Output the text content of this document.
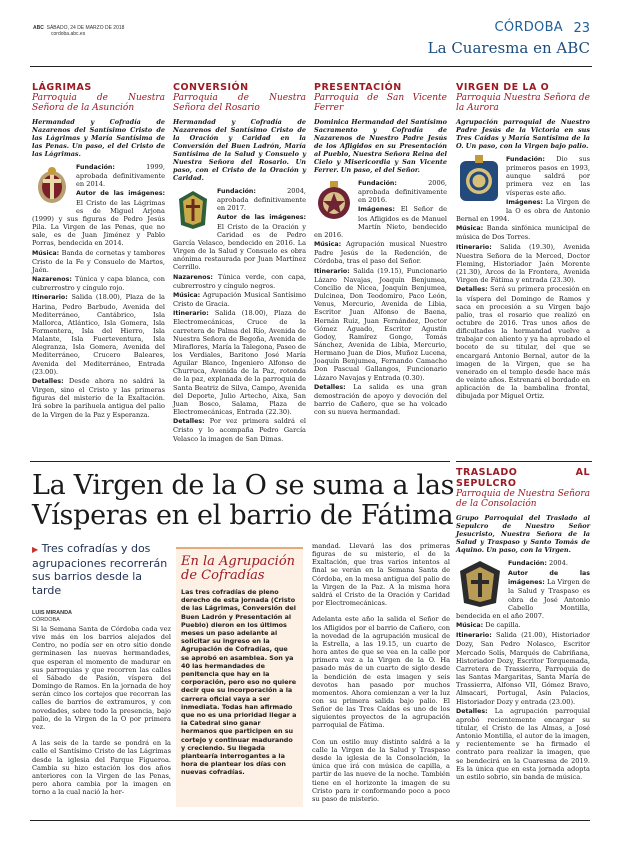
ABC SÁBADO, 24 DE MARZO DE 2018
cordoba.abc.es	CÓRDOBA 23
La Cuaresma en ABC
LÁGRIMAS
Parroquia de Nuestra Señora de la Asunción
Hermandad y Cofradía de Nazarenos del Santísimo Cristo de las Lágrimas y María Santísima de las Penas. Un paso, el del Cristo de las Lágrimas.

Fundación:	1999, aprobada definitivamente en 2014.

Autor de las imágenes: El Cristo de las Lágrimas es de Miguel Arjona (1999) y sus figuras de Pedro Jesús Pila. La Virgen de las Penas, que no sale, es de Juan Jiménez y Pablo Porras, bendecida en 2014.

Música: Banda de cornetas y tambores Cristo de la Fe y Consuelo de Martos, Jaén.

Nazarenos: Túnica y capa blanca, con cubrerrostro y cíngulo rojo.

Itinerario: Salida (18.00), Plaza de la Harina, Pedro Barbudo, Avenida del Mediterráneo, Cantábrico, Isla Mallorca, Atlántico, Isla Gomera, Isla Formentera, Isla del Hierro, Isla Malante, Isla Fuerteventura, Isla Alegranza, Isla Gomera, Avenida del Mediterráneo, Crucero Baleares, Avenida del Mediterráneo, Entrada (23.00).

Detalles: Desde ahora no saldrá la Virgen, sino el Cristo y las primeras figuras del misterio de la Exaltación. Irá sobre la parihuela antigua del palio de la Virgen de la Paz y Esperanza.

CONVERSIÓN
Parroquia de Nuestra Señora del Rosario
Hermandad y Cofradía de Nazarenos del Santísimo Cristo de la Oración y Caridad en la Conversión del Buen Ladrón, María Santísima de la Salud y Consuelo y Nuestra Señora del Rosario. Un paso, con el Cristo de la Oración y Caridad.

Fundación:	2004, aprobada definitivamente en 2017.

Autor de las imágenes: El Cristo de la Oración y Caridad es de Pedro García Velasco, bendecido en 2016. La Virgen de la Salud y Consuelo es obra anónima restaurada por Juan Martínez Cerrillo.

Nazarenos: Túnica verde, con capa, cubrerrostro y cíngulo negros.

Música: Agrupación Musical Santísimo Cristo de Gracia.

Itinerario: Salida (18.00), Plaza de Electromecánicas, Cruce de la carretera de Palma del Río, Avenida de Nuestra Señora de Begoña, Avenida de Miraflores, María la Talegona, Paseo de los Verdiales, Baritono José María Aguilar Blanco, Ingeniero Alfonso de Churruca, Avenida de la Paz, rotonda de la paz, explanada de la parroquia de Santa Beatriz de Silva, Campo, Avenida del Deporte, Julio Artecho, Aixa, San Juan Bosco, Salama, Plaza de Electromecánicas, Entrada (22.30).

Detalles: Por vez primera saldrá el Cristo y lo acompaña Pedro García Velasco la imagen de San Dimas.

PRESENTACIÓN
Parroquia de San Vicente Ferrer
Dominica Hermandad del Santísimo Sacramento y Cofradía de Nazarenos de Nuestro Padre Jesús de los Afligidos en su Presentación al Pueblo, Nuestra Señora Reina del Cielo y Misericordia y San Vicente Ferrer. Un paso, el del Señor.

Fundación:	2006, aprobada definitivamente en 2016.

Imágenes: El Señor de los Afligidos es de Manuel Martín Nieto, bendecido en 2016.

Música: Agrupación musical Nuestro Padre Jesús de la Redención, de Córdoba, tras el paso del Señor.

Itinerario: Salida (19.15), Funcionario Lázaro Navajas, Joaquín Benjumea, Concilio de Nicea, Joaquín Benjumea, Dulcinea, Don Teodomiro, Paco León, Venus, Mercurio, Avenida de Libia, Escritor Juan Alfonso de Baena, Hernán Ruiz, Juan Fernández, Doctor Gómez Aguado, Escritor Agustín Godoy, Ramírez Gongo, Tomás Sánchez, Avenida de Libia, Mercurio, Hermano Juan de Dios, Muñoz Lucena, Joaquín Benjumea, Fernando Camacho Don Pascual Gallangos, Funcionario Lázaro Navajas y Entrada (0.30).

Detalles: La salida es una gran demostración de apoyo y devoción del barrio de Cañero, que se ha volcado con su nueva hermandad.

VIRGEN DE LA O
Parroquia Nuestra Señora de la Aurora
Agrupación parroquial de Nuestro Padre Jesús de la Victoria en sus Tres Caídas y María Santísima de la O. Un paso, con la Virgen bajo palio.

Fundación: Dio sus primeros pasos en 1993, aunque saldrá por primera vez en las vísperas este año.

Imágenes: La Virgen de la O es obra de Antonio Bernal en 1994.

Música: Banda sinfónica municipal de música de Dos Torres.

Itinerario: Salida (19.30), Avenida Nuestra Señora de la Merced, Doctor Fleming, Historiador Jaén Morente (21.30), Arcos de la Frontera, Avenida Virgen de Fátima y entrada (23.30).

Detalles: Será su primera procesión en la víspera del Domingo de Ramos y saca en procesión a su Virgen bajo palio, tras el rosario que realizó en octubre de 2016. Tras unos años de dificultades la hermandad vuelve a trabajar con aliento y ya ha aprobado el boceto de su titular, del que se encargará Antonio Bernal, autor de la imagen de la Virgen, que se ha venerado en el templo desde hace más de veinte años. Estrenará el bordado en aplicación de la bambalina frontal, dibujada por Miguel Ortiz.

TRASLADO AL SEPULCRO
Parroquia de Nuestra Señora de la Consolación
Grupo Parroquial del Traslado al Sepulcro de Nuestro Señor Jesucristo, Nuestra Señora de la Salud y Traspaso y Santo Tomás de Aquino. Un paso, con la Virgen.

Fundación: 2004.

Autor de las imágenes: La Virgen de la Salud y Traspaso es obra de José Antonio Cabello Montilla, bendecida en el año 2007.

Música: De capilla.

Itinerario: Salida (21.00), Historiador Dozy, San Pedro Nolasco, Escritor Mercado Solís, Marqués de Cabriñana, Historiador Dozy, Escritor Torquemada, Carretera de Trassierra, Parroquia de las Santas Margaritas, Santa María de Trassierra, Alfonso VII, Gómez Bravo, Almacari, Portugal, Asín Palacios, Historiador Dozy y entrada (23.00).

Detalles: La agrupación parroquial aprobó recientemente encargar su titular, el Cristo de las Almas, a José Antonio Montilla, el autor de la imagen, y recientemente se ha firmado el contrato para realizar la imagen, que se bendecirá en la Cuaresma de 2019. Es la única que en esta jornada adopta un estilo sobrio, sin banda de música.

La Virgen de la O se suma a las Vísperas en el barrio de Fátima
▶ Tres cofradías y dos agrupaciones recorrerán sus barrios desde la tarde
LUIS MIRANDA
CÓRDOBA
Si la Semana Santa de Córdoba cada vez vive más en los barrios alejados del Centro, no podía ser en otro sitio donde germinasen las nuevas hermandades, que esperan el momento de madurar en sus parroquias y que recorren las calles el Sábado de Pasión, víspera del Domingo de Ramos. En la jornada de hoy serán cinco los cortejos que recorran las calles de barrios de extramuros, y con novedades, sobre todo la presencia, bajo palio, de la Virgen de la O por primera vez.

A las seis de la tarde se pondrá en la calle el Santísimo Cristo de las Lágrimas desde la iglesia del Parque Figueroa. Cambia su hizo estación los dos años anteriores con la Virgen de las Penas, pero ahora cambia por la imagen en torno a la cual nació la her-
En la Agrupación de Cofradías
Las tres cofradías de pleno derecho de esta jornada (Cristo de las Lágrimas, Conversión del Buen Ladrón y Presentación al Pueblo) dieron en los últimos meses un paso adelante al solicitar su ingreso en la Agrupación de Cofradías, que se aprobó en asamblea. Son ya 40 las hermandades de penitencia que hay en la corporación, pero eso no quiere decir que su incorporación a la carrera oficial vaya a ser inmediata. Todas han afirmado que no es una prioridad llegar a la Catedral sino ganar hermanos que participen en su cortejo y continuar madurando y creciendo. Su llegada plantearía interrogantes a la hora de plantear los días con nuevas cofradías.
mandad. Llevará las dos primeras figuras de su misterio, el de la Exaltación, que tras varios intentos al final se verán en la Semana Santa de Córdoba, en la mesa antigua del palio de la Virgen de la Paz. A la misma hora saldrá el Cristo de la Oración y Caridad por Electromecánicas.

Adelanta este año la salida el Señor de los Afligidos por el barrio de Cañero, con la novedad de la agrupación musical de la Estrella, a las 19.15, un cuarto de hora antes de que se vea en la calle por primera vez a la Virgen de la O. Ha pasado más de un cuarto de siglo desde la bendición de esta imagen y seis devotos han pasado por muchos momentos. Ahora comienzan a ver la luz con su primera salida bajo palio. El Señor de las Tres Caídas es uno de los siguientes proyectos de la agrupación parroquial de Fátima.

Con un estilo muy distinto saldrá a la calle la Virgen de la Salud y Traspaso desde la iglesia de la Consolación, la única que irá con música de capilla, a partir de las nueve de la noche. También tiene en el horizonte la imagen de su Cristo para ir conformando poco a poco su paso de misterio.
